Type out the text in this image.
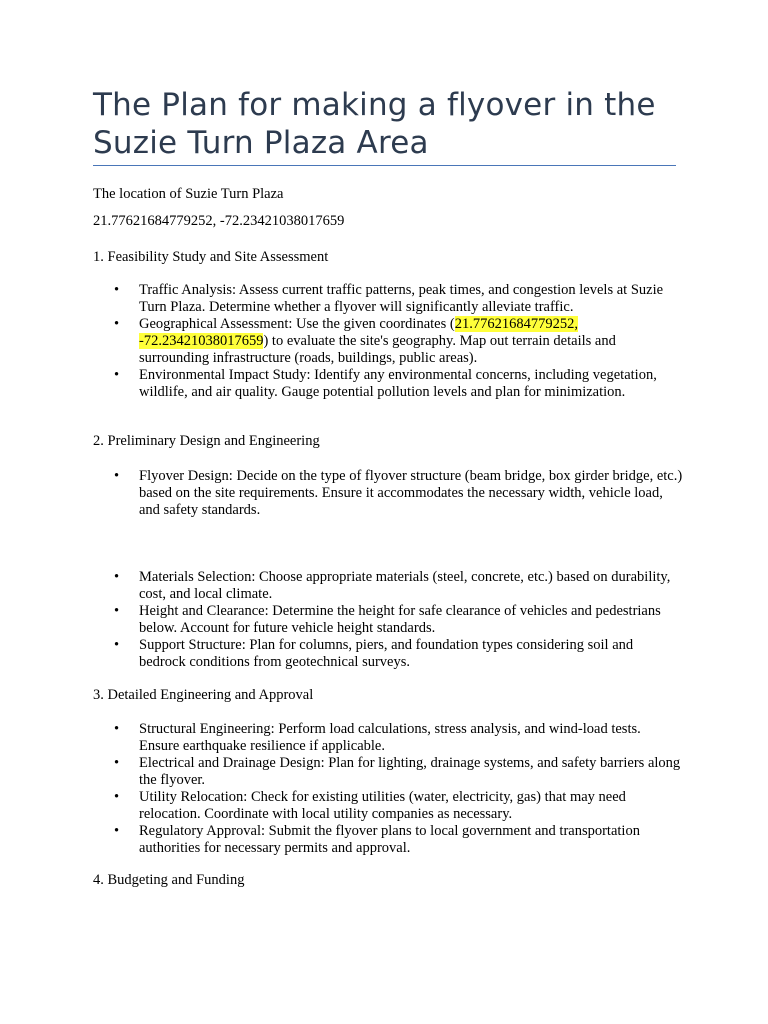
The Plan for making a flyover in the Suzie Turn Plaza Area

The location of Suzie Turn Plaza

21.77621684779252, -72.23421038017659

1. Feasibility Study and Site Assessment

• Traffic Analysis: Assess current traffic patterns, peak times, and congestion levels at Suzie Turn Plaza. Determine whether a flyover will significantly alleviate traffic.
• Geographical Assessment: Use the given coordinates (21.77621684779252, -72.23421038017659) to evaluate the site's geography. Map out terrain details and surrounding infrastructure (roads, buildings, public areas).
• Environmental Impact Study: Identify any environmental concerns, including vegetation, wildlife, and air quality. Gauge potential pollution levels and plan for minimization.

2. Preliminary Design and Engineering

• Flyover Design: Decide on the type of flyover structure (beam bridge, box girder bridge, etc.) based on the site requirements. Ensure it accommodates the necessary width, vehicle load, and safety standards.
• Materials Selection: Choose appropriate materials (steel, concrete, etc.) based on durability, cost, and local climate.
• Height and Clearance: Determine the height for safe clearance of vehicles and pedestrians below. Account for future vehicle height standards.
• Support Structure: Plan for columns, piers, and foundation types considering soil and bedrock conditions from geotechnical surveys.

3. Detailed Engineering and Approval

• Structural Engineering: Perform load calculations, stress analysis, and wind-load tests. Ensure earthquake resilience if applicable.
• Electrical and Drainage Design: Plan for lighting, drainage systems, and safety barriers along the flyover.
• Utility Relocation: Check for existing utilities (water, electricity, gas) that may need relocation. Coordinate with local utility companies as necessary.
• Regulatory Approval: Submit the flyover plans to local government and transportation authorities for necessary permits and approval.

4. Budgeting and Funding
